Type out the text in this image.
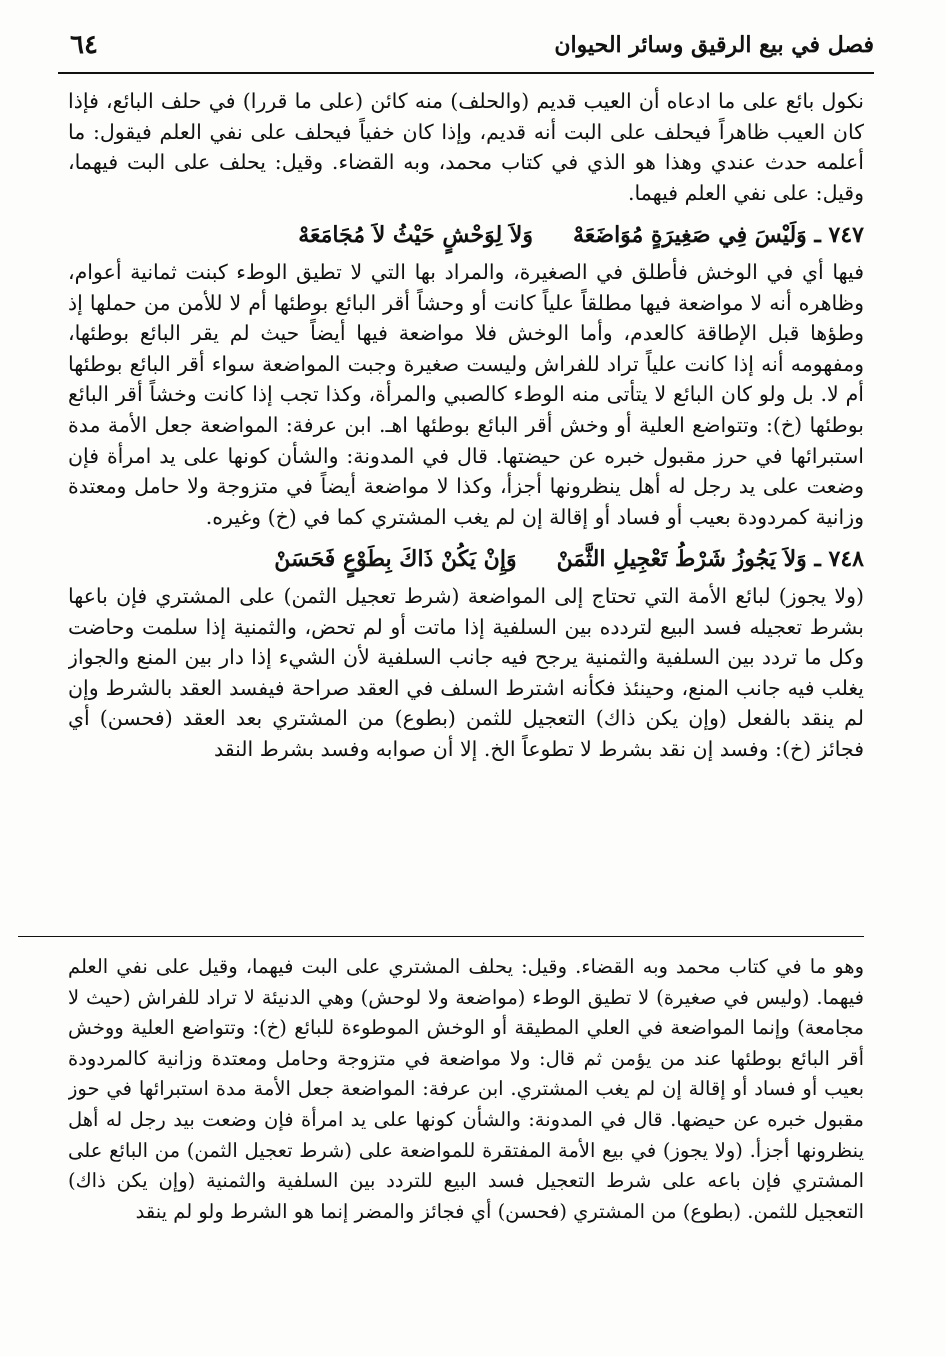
٦٤	فصل في بيع الرقيق وسائر الحيوان

نكول بائع على ما ادعاه أن العيب قديم (والحلف) منه كائن (على ما قررا) في حلف البائع، فإذا كان العيب ظاهراً فيحلف على البت أنه قديم، وإذا كان خفياً فيحلف على نفي العلم فيقول: ما أعلمه حدث عندي وهذا هو الذي في كتاب محمد، وبه القضاء. وقيل: يحلف على البت فيهما، وقيل: على نفي العلم فيهما.

٧٤٧ ـ وَلَيْسَ فِي صَغِيرَةٍ مُوَاضَعَهْ
وَلاَ لِوَحْشٍ حَيْثُ لاَ مُجَامَعَهْ

فيها أي في الوخش فأطلق في الصغيرة، والمراد بها التي لا تطيق الوطء كبنت ثمانية أعوام، وظاهره أنه لا مواضعة فيها مطلقاً علياً كانت أو وحشاً أقر البائع بوطئها أم لا للأمن من حملها إذ وطؤها قبل الإطاقة كالعدم، وأما الوخش فلا مواضعة فيها أيضاً حيث لم يقر البائع بوطئها، ومفهومه أنه إذا كانت علياً تراد للفراش وليست صغيرة وجبت المواضعة سواء أقر البائع بوطئها أم لا. بل ولو كان البائع لا يتأتى منه الوطء كالصبي والمرأة، وكذا تجب إذا كانت وخشاً أقر البائع بوطئها (خ): وتتواضع العلية أو وخش أقر البائع بوطئها اهـ. ابن عرفة: المواضعة جعل الأمة مدة استبرائها في حرز مقبول خبره عن حيضتها. قال في المدونة: والشأن كونها على يد امرأة فإن وضعت على يد رجل له أهل ينظرونها أجزأ، وكذا لا مواضعة أيضاً في متزوجة ولا حامل ومعتدة وزانية كمردودة بعيب أو فساد أو إقالة إن لم يغب المشتري كما في (خ) وغيره.

٧٤٨ ـ وَلاَ يَجُوزُ شَرْطُ تَعْجِيلِ الثَّمَنْ
وَإِنْ يَكُنْ ذَاكَ بِطَوْعٍ فَحَسَنْ

(ولا يجوز) لبائع الأمة التي تحتاج إلى المواضعة (شرط تعجيل الثمن) على المشتري فإن باعها بشرط تعجيله فسد البيع لتردده بين السلفية إذا ماتت أو لم تحض، والثمنية إذا سلمت وحاضت وكل ما تردد بين السلفية والثمنية يرجح فيه جانب السلفية لأن الشيء إذا دار بين المنع والجواز يغلب فيه جانب المنع، وحينئذ فكأنه اشترط السلف في العقد صراحة فيفسد العقد بالشرط وإن لم ينقد بالفعل (وإن يكن ذاك) التعجيل للثمن (بطوع) من المشتري بعد العقد (فحسن) أي فجائز (خ): وفسد إن نقد بشرط لا تطوعاً الخ. إلا أن صوابه وفسد بشرط النقد

وهو ما في كتاب محمد وبه القضاء. وقيل: يحلف المشتري على البت فيهما، وقيل على نفي العلم فيهما. (وليس في صغيرة) لا تطيق الوطء (مواضعة ولا لوحش) وهي الدنيئة لا تراد للفراش (حيث لا مجامعة) وإنما المواضعة في العلي المطيقة أو الوخش الموطوءة للبائع (خ): وتتواضع العلية ووخش أقر البائع بوطئها عند من يؤمن ثم قال: ولا مواضعة في متزوجة وحامل ومعتدة وزانية كالمردودة بعيب أو فساد أو إقالة إن لم يغب المشتري. ابن عرفة: المواضعة جعل الأمة مدة استبرائها في حوز مقبول خبره عن حيضها. قال في المدونة: والشأن كونها على يد امرأة فإن وضعت بيد رجل له أهل ينظرونها أجزأ. (ولا يجوز) في بيع الأمة المفتقرة للمواضعة على (شرط تعجيل الثمن) من البائع على المشتري فإن باعه على شرط التعجيل فسد البيع للتردد بين السلفية والثمنية (وإن يكن ذاك) التعجيل للثمن. (بطوع) من المشتري (فحسن) أي فجائز والمضر إنما هو الشرط ولو لم ينقد
